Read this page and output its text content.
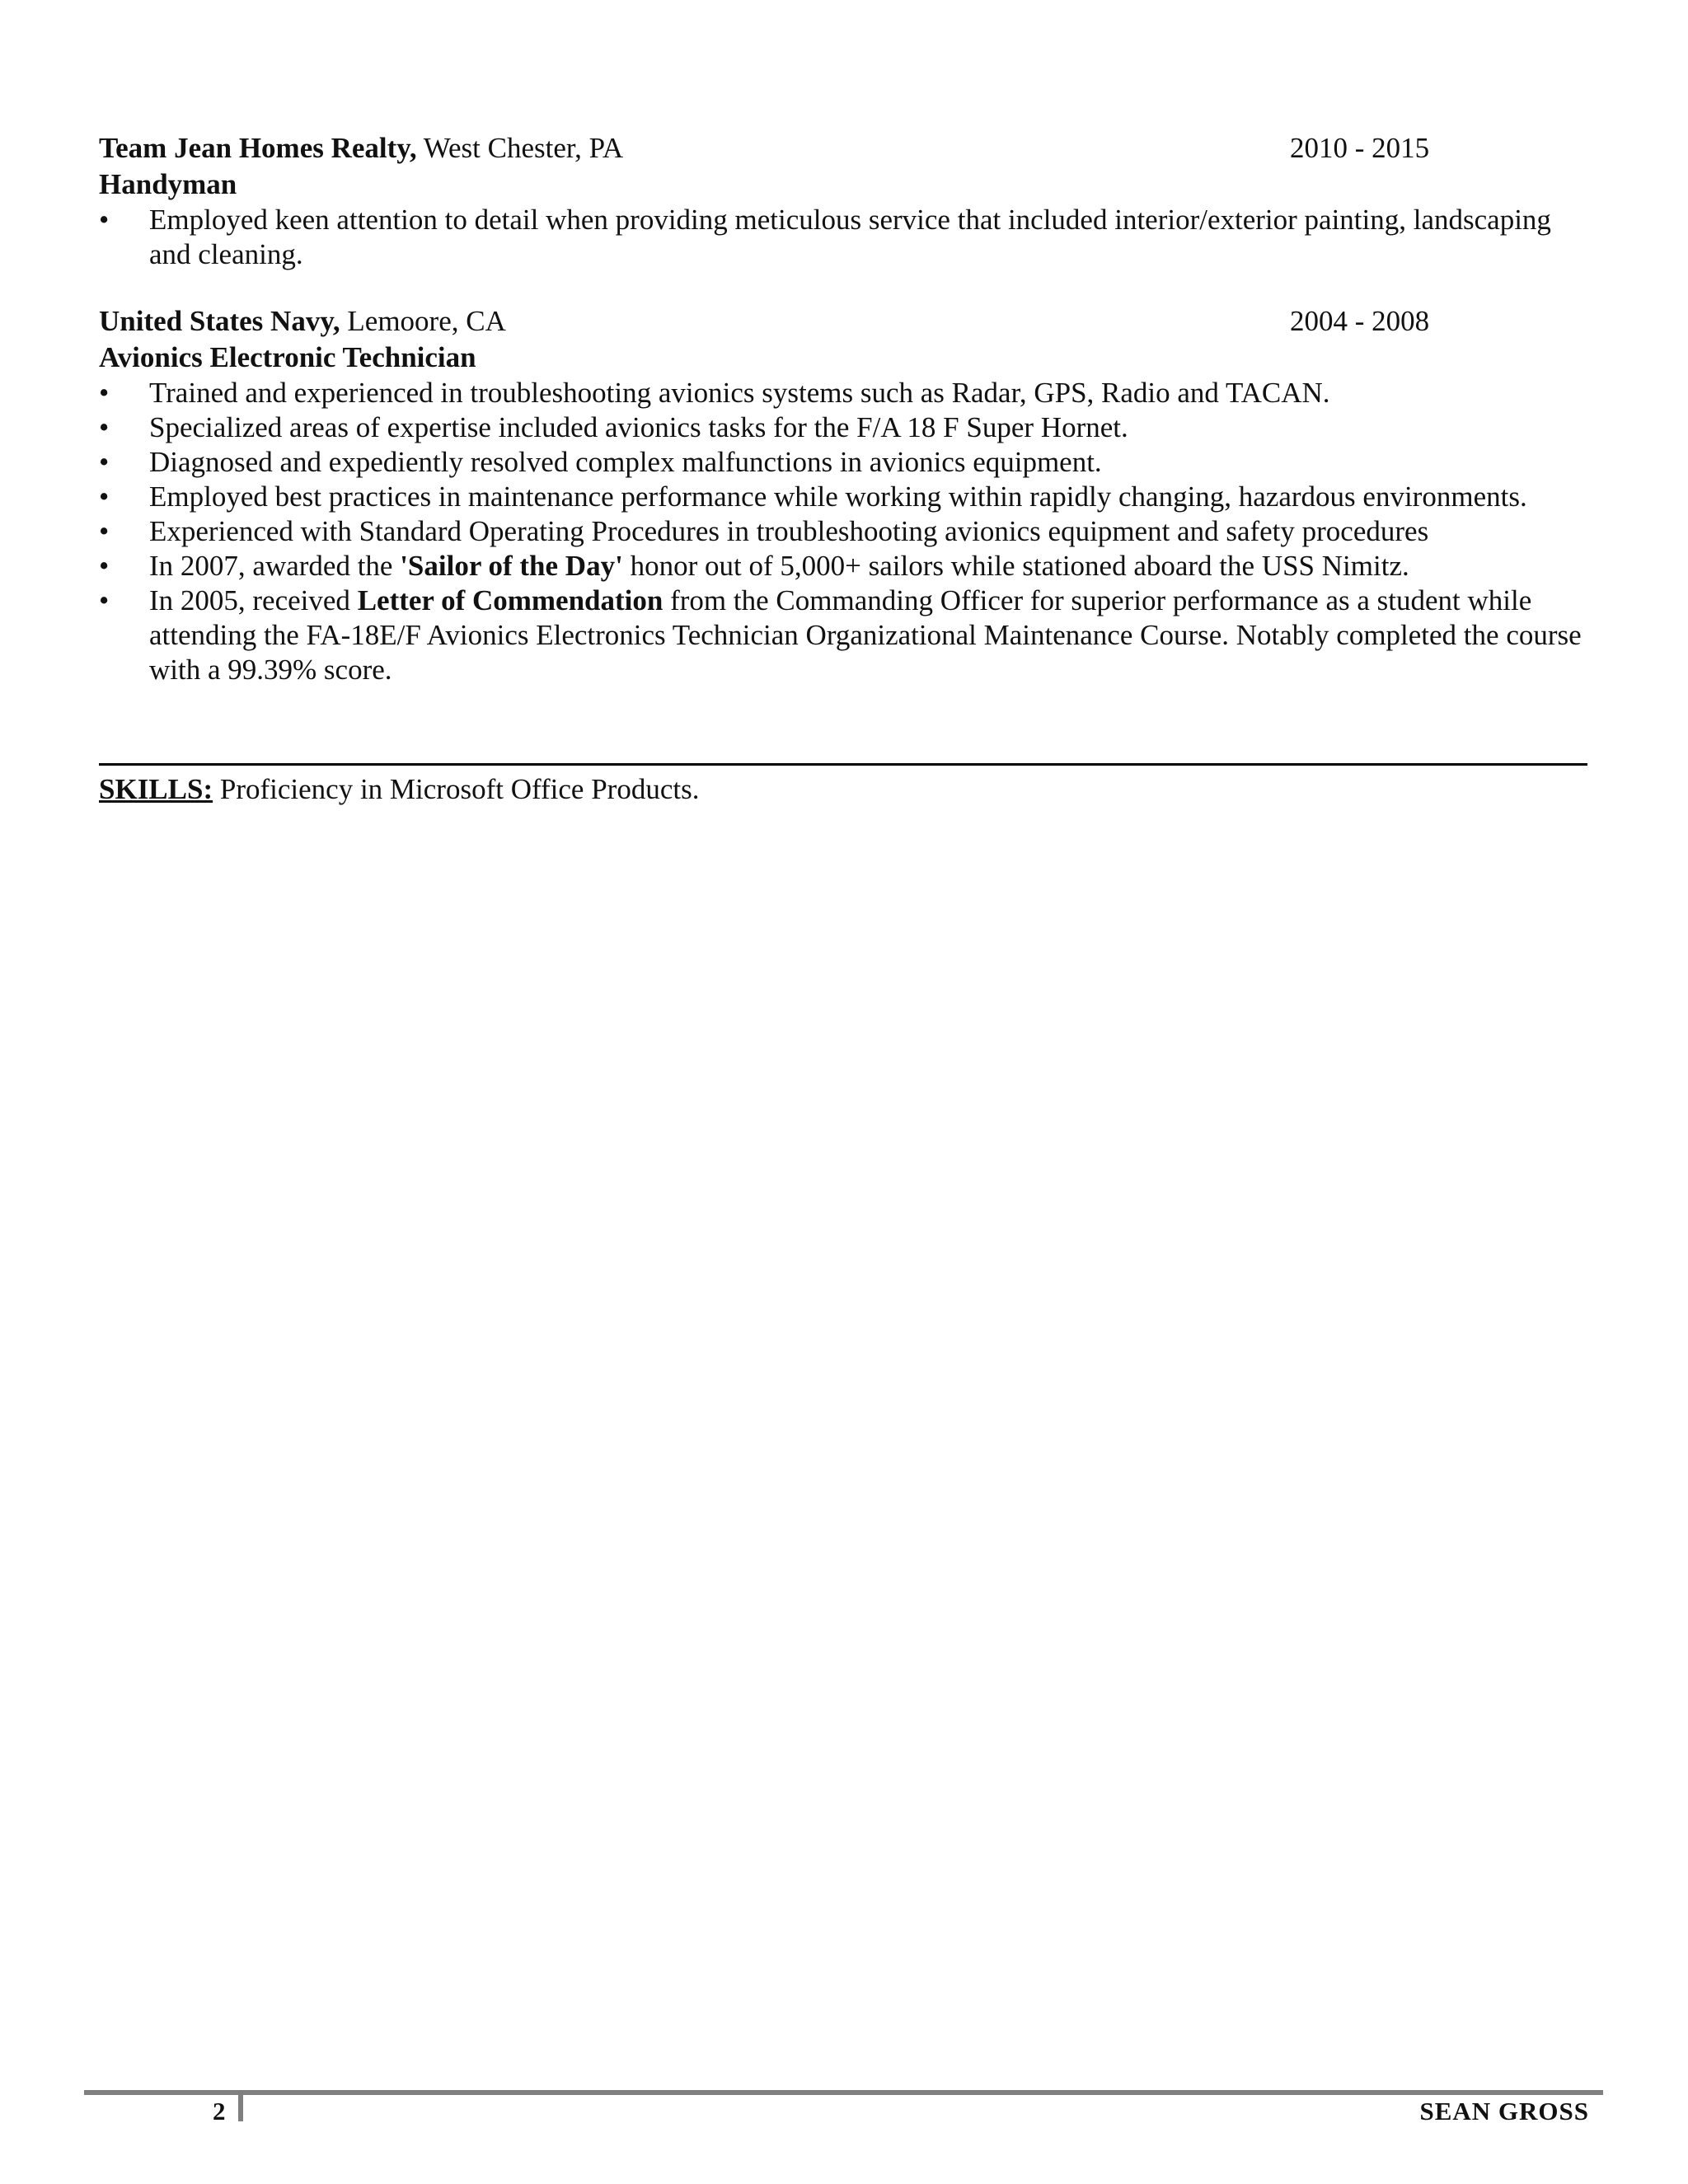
Team Jean Homes Realty, West Chester, PA	2010 - 2015
Handyman
• Employed keen attention to detail when providing meticulous service that included interior/exterior painting, landscaping and cleaning.
United States Navy, Lemoore, CA	2004 - 2008
Avionics Electronic Technician
• Trained and experienced in troubleshooting avionics systems such as Radar, GPS, Radio and TACAN.
• Specialized areas of expertise included avionics tasks for the F/A 18 F Super Hornet.
• Diagnosed and expediently resolved complex malfunctions in avionics equipment.
• Employed best practices in maintenance performance while working within rapidly changing, hazardous environments.
• Experienced with Standard Operating Procedures in troubleshooting avionics equipment and safety procedures
• In 2007, awarded the 'Sailor of the Day' honor out of 5,000+ sailors while stationed aboard the USS Nimitz.
• In 2005, received Letter of Commendation from the Commanding Officer for superior performance as a student while attending the FA-18E/F Avionics Electronics Technician Organizational Maintenance Course. Notably completed the course with a 99.39% score.
SKILLS: Proficiency in Microsoft Office Products.
2	SEAN GROSS
